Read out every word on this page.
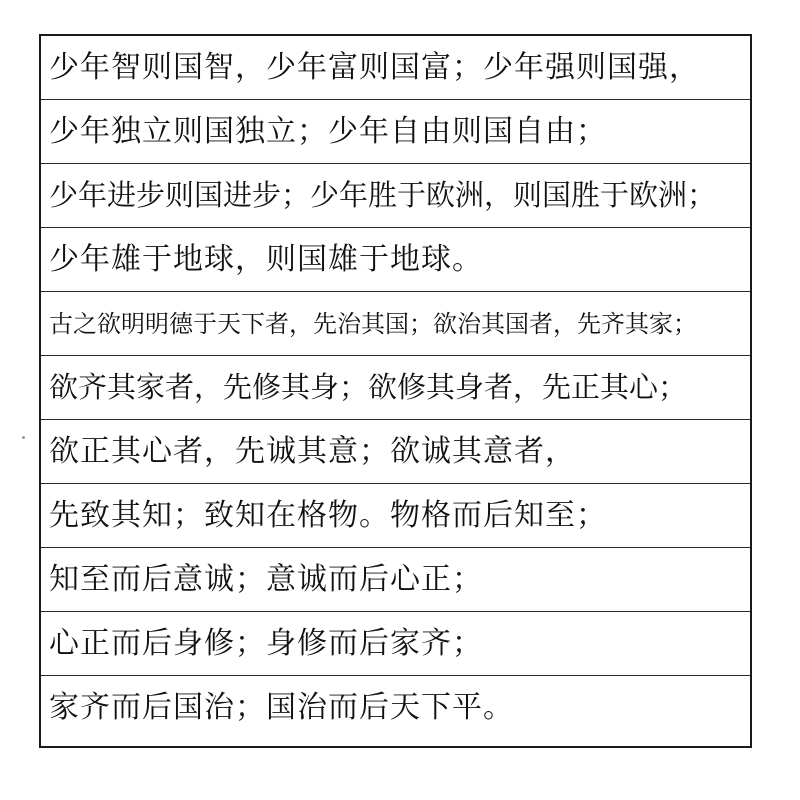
少年智则国智，少年富则国富；少年强则国强，
少年独立则国独立；少年自由则国自由；
少年进步则国进步；少年胜于欧洲，则国胜于欧洲；
少年雄于地球，则国雄于地球。
古之欲明明德于天下者，先治其国；欲治其国者，先齐其家；
欲齐其家者，先修其身；欲修其身者，先正其心；
欲正其心者，先诚其意；欲诚其意者，
先致其知；致知在格物。物格而后知至；
知至而后意诚；意诚而后心正；
心正而后身修；身修而后家齐；
家齐而后国治；国治而后天下平。
